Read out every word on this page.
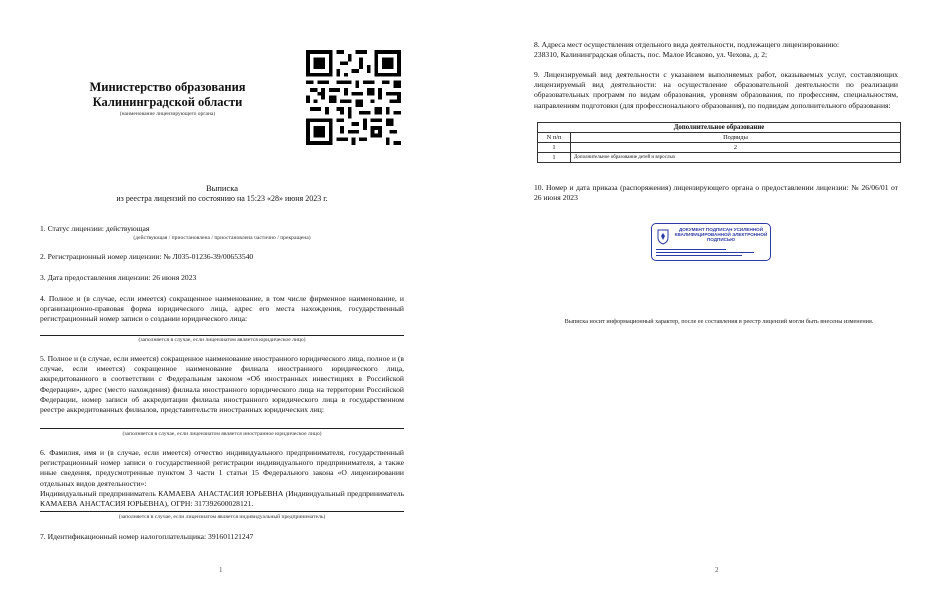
Министерство образования Калининградской области
(наименование лицензирующего органа)
Выписка
из реестра лицензий по состоянию на 15:23 «28» июня 2023 г.
1. Статус лицензии: действующая
(действующая / приостановлена / приостановлена частично / прекращена)
2. Регистрационный номер лицензии: № Л035-01236-39/00653540
3. Дата предоставления лицензии: 26 июня 2023
4. Полное и (в случае, если имеется) сокращенное наименование, в том числе фирменное наименование, и организационно-правовая форма юридического лица, адрес его места нахождения, государственный регистрационный номер записи о создании юридического лица:
(заполняется в случае, если лицензиатом является юридическое лицо)
5. Полное и (в случае, если имеется) сокращенное наименование иностранного юридического лица, полное и (в случае, если имеется) сокращенное наименование филиала иностранного юридического лица, аккредитованного в соответствии с Федеральным законом «Об иностранных инвестициях в Российской Федерации», адрес (место нахождения) филиала иностранного юридического лица на территории Российской Федерации, номер записи об аккредитации филиала иностранного юридического лица в государственном реестре аккредитованных филиалов, представительств иностранных юридических лиц:
(заполняется в случае, если лицензиатом является иностранное юридическое лицо)
6. Фамилия, имя и (в случае, если имеется) отчество индивидуального предпринимателя, государственный регистрационный номер записи о государственной регистрации индивидуального предпринимателя, а также иные сведения, предусмотренные пунктом 3 части 1 статьи 15 Федерального закона «О лицензировании отдельных видов деятельности»:
Индивидуальный предприниматель КАМАЕВА АНАСТАСИЯ ЮРЬЕВНА (Индивидуальный предприниматель КАМАЕВА АНАСТАСИЯ ЮРЬЕВНА), ОГРН: 317392600028121.
(заполняется в случае, если лицензиатом является индивидуальный предприниматель)
7. Идентификационный номер налогоплательщика: 391601121247
1
8. Адреса мест осуществления отдельного вида деятельности, подлежащего лицензированию:
238310, Калининградская область, пос. Малое Исаково, ул. Чехова, д. 2;
9. Лицензируемый вид деятельности с указанием выполняемых работ, оказываемых услуг, составляющих лицензируемый вид деятельности: на осуществление образовательной деятельности по реализации образовательных программ по видам образования, уровням образования, по профессиям, специальностям, направлениям подготовки (для профессионального образования), по подвидам дополнительного образования:
10. Номер и дата приказа (распоряжения) лицензирующего органа о предоставлении лицензии: № 26/06/01 от 26 июня 2023
2
Дополнительное образование	
N п/п	Подвиды
1	2
1	Дополнительное образование детей и взрослых
ДОКУМЕНТ ПОДПИСАН УСИЛЕННОЙ КВАЛИФИЦИРОВАННОЙ ЭЛЕКТРОННОЙ ПОДПИСЬЮ
Выписка носит информационный характер, после ее составления в реестр лицензий могли быть внесены изменения.
